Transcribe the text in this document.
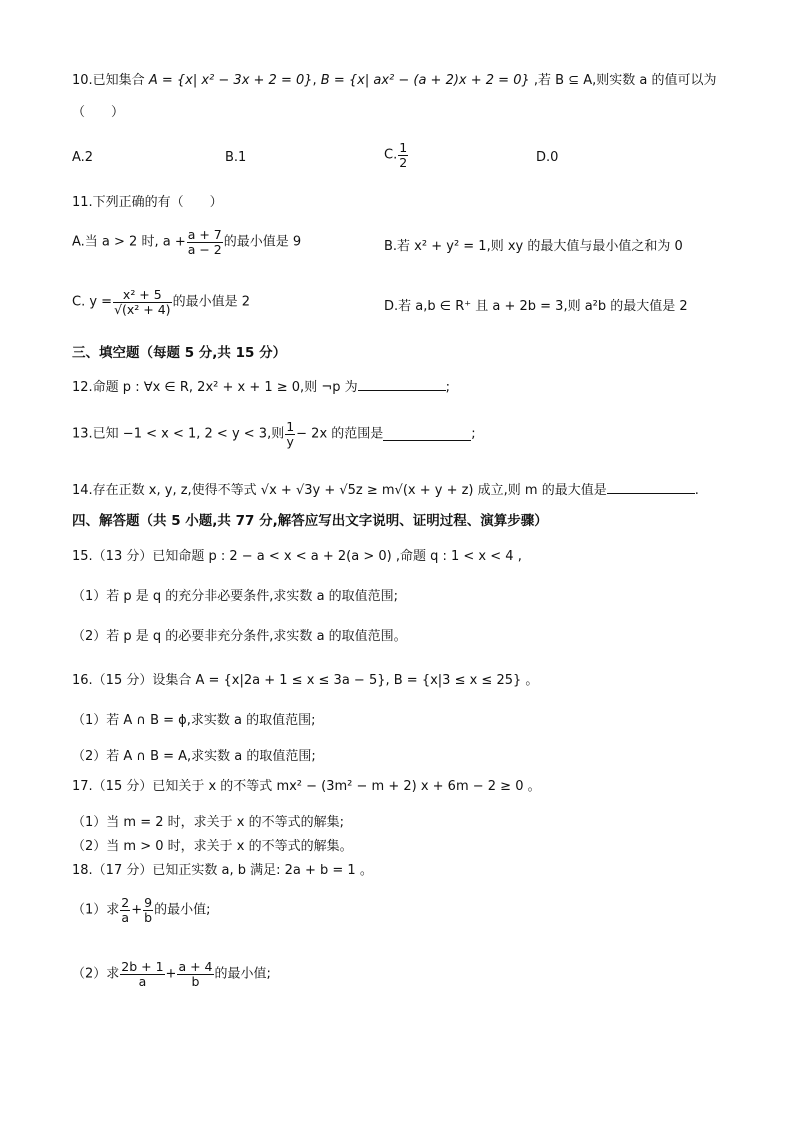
10.已知集合 A = {x| x² − 3x + 2 = 0}, B = {x| ax² − (a + 2)x + 2 = 0} ,若 B ⊆ A,则实数 a 的值可以为
（　　）
A.2	B.1	C. $\frac{1}{2}$	D.0
11.下列正确的有（　　）
A.当 a > 2 时, $a + \frac{a + 7}{a - 2}$ 的最小值是 9	B.若 x² + y² = 1,则 xy 的最大值与最小值之和为 0
C. $y = \frac{\text{x² + 5}}{\text{√(x² + 4)}}$ 的最小值是 2	D.若 a,b ∈ R⁺ 且 a + 2b = 3,则 a²b 的最大值是 2
三、填空题（每题 5 分,共 15 分）
12.命题 p : ∀x ∈ R, 2x² + x + 1 ≥ 0,则 ¬p 为	;
13.已知 −1 < x < 1, 2 < y < 3,则 $\frac{1}{y} - 2x$ 的范围是	;
14.存在正数 x, y, z,使得不等式 √x + √3y + √5z ≥ m√(x + y + z) 成立,则 m 的最大值是	.
四、解答题（共 5 小题,共 77 分,解答应写出文字说明、证明过程、演算步骤）
15.（13 分）已知命题 p : 2 − a < x < a + 2(a > 0) ,命题 q : 1 < x < 4 ,
（1）若 p 是 q 的充分非必要条件,求实数 a 的取值范围;
（2）若 p 是 q 的必要非充分条件,求实数 a 的取值范围。
16.（15 分）设集合 A = {x|2a + 1 ≤ x ≤ 3a − 5}, B = {x|3 ≤ x ≤ 25} 。
（1）若 A ∩ B = ϕ,求实数 a 的取值范围;
（2）若 A ∩ B = A,求实数 a 的取值范围;
17.（15 分）已知关于 x 的不等式 mx² − (3m² − m + 2) x + 6m − 2 ≥ 0 。
（1）当 m = 2 时，求关于 x 的不等式的解集;
（2）当 m > 0 时，求关于 x 的不等式的解集。
18.（17 分）已知正实数 a, b 满足: 2a + b = 1 。
（1）求 $\frac{2}{a} + \frac{9}{b}$ 的最小值;
（2）求 $\frac{2b + 1}{a} + \frac{a + 4}{b}$ 的最小值;
